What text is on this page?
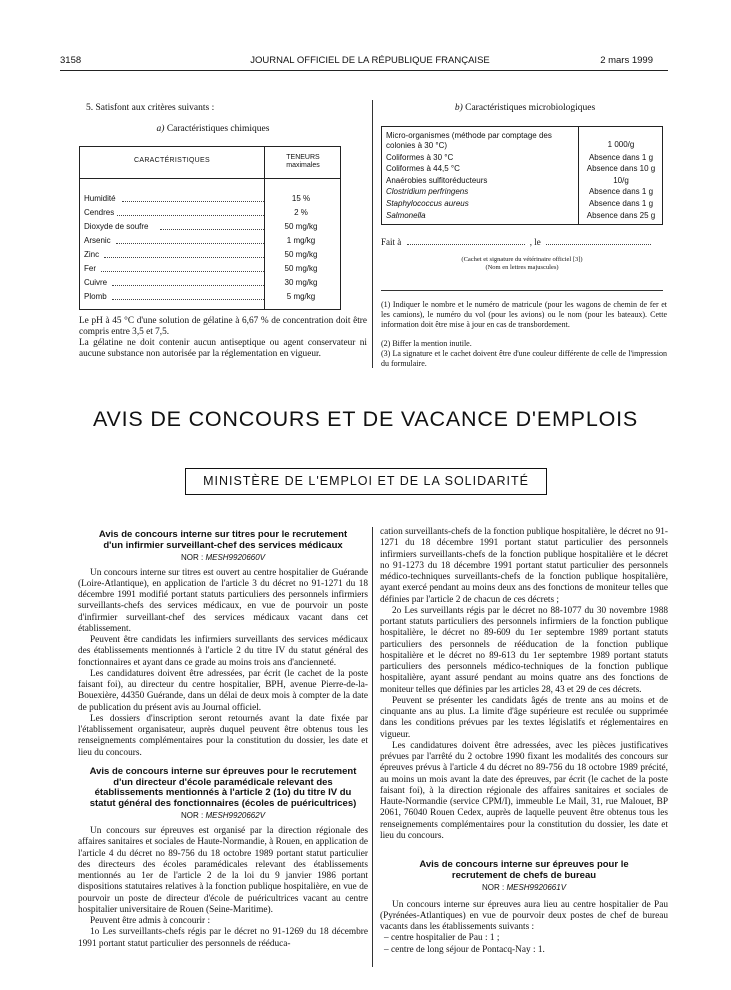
3158	JOURNAL OFFICIEL DE LA RÉPUBLIQUE FRANÇAISE	2 mars 1999
5. Satisfont aux critères suivants :
a) Caractéristiques chimiques
CARACTÉRISTIQUES	TENEURS
maximales
Humidité	15 %
Cendres	2 %
Dioxyde de soufre	50 mg/kg
Arsenic	1 mg/kg
Zinc	50 mg/kg
Fer	50 mg/kg
Cuivre	30 mg/kg
Plomb	5 mg/kg

Le pH à 45 °C d'une solution de gélatine à 6,67 % de concentration doit être compris entre 3,5 et 7,5.

La gélatine ne doit contenir aucun antiseptique ou agent conservateur ni aucune substance non autorisée par la réglementation en vigueur.

b) Caractéristiques microbiologiques
Micro-organismes (méthode par comptage des colonies à 30 °C)	1 000/g
Coliformes à 30 °C	Absence dans 1 g
Coliformes à 44,5 °C	Absence dans 10 g
Anaérobies sulfitoréducteurs	10/g
Clostridium perfringens	Absence dans 1 g
Staphylococcus aureus	Absence dans 1 g
Salmonella	Absence dans 25 g
Fait à	, le
(Cachet et signature du vétérinaire officiel [3])
(Nom en lettres majuscules)

(1) Indiquer le nombre et le numéro de matricule (pour les wagons de chemin de fer et les camions), le numéro du vol (pour les avions) ou le nom (pour les bateaux). Cette information doit être mise à jour en cas de transbordement.

(2) Biffer la mention inutile.

(3) La signature et le cachet doivent être d'une couleur différente de celle de l'impression du formulaire.

AVIS DE CONCOURS ET DE VACANCE D'EMPLOIS
MINISTÈRE DE L'EMPLOI ET DE LA SOLIDARITÉ
Avis de concours interne sur titres pour le recrutement d'un infirmier surveillant-chef des services médicaux
NOR : MESH9920660V

Un concours interne sur titres est ouvert au centre hospitalier de Guérande (Loire-Atlantique), en application de l'article 3 du décret no 91-1271 du 18 décembre 1991 modifié portant statuts particuliers des personnels infirmiers surveillants-chefs des services médicaux, en vue de pourvoir un poste d'infirmier surveillant-chef des services médicaux vacant dans cet établissement.

Peuvent être candidats les infirmiers surveillants des services médicaux des établissements mentionnés à l'article 2 du titre IV du statut général des fonctionnaires et ayant dans ce grade au moins trois ans d'ancienneté.

Les candidatures doivent être adressées, par écrit (le cachet de la poste faisant foi), au directeur du centre hospitalier, BPH, avenue Pierre-de-la-Bouexière, 44350 Guérande, dans un délai de deux mois à compter de la date de publication du présent avis au Journal officiel.

Les dossiers d'inscription seront retournés avant la date fixée par l'établissement organisateur, auprès duquel peuvent être obtenus tous les renseignements complémentaires pour la constitution du dossier, les date et lieu du concours.

Avis de concours interne sur épreuves pour le recrutement d'un directeur d'école paramédicale relevant des établissements mentionnés à l'article 2 (1o) du titre IV du statut général des fonctionnaires (écoles de puéricultrices)
NOR : MESH9920662V

Un concours sur épreuves est organisé par la direction régionale des affaires sanitaires et sociales de Haute-Normandie, à Rouen, en application de l'article 4 du décret no 89-756 du 18 octobre 1989 portant statut particulier des directeurs des écoles paramédicales relevant des établissements mentionnés au 1er de l'article 2 de la loi du 9 janvier 1986 portant dispositions statutaires relatives à la fonction publique hospitalière, en vue de pourvoir un poste de directeur d'école de puéricultrices vacant au centre hospitalier universitaire de Rouen (Seine-Maritime).

Peuvent être admis à concourir :

1o Les surveillants-chefs régis par le décret no 91-1269 du 18 décembre 1991 portant statut particulier des personnels de rééduca-

cation surveillants-chefs de la fonction publique hospitalière, le décret no 91-1271 du 18 décembre 1991 portant statut particulier des personnels infirmiers surveillants-chefs de la fonction publique hospitalière et le décret no 91-1273 du 18 décembre 1991 portant statut particulier des personnels médico-techniques surveillants-chefs de la fonction publique hospitalière, ayant exercé pendant au moins deux ans des fonctions de moniteur telles que définies par l'article 2 de chacun de ces décrets ;

2o Les surveillants régis par le décret no 88-1077 du 30 novembre 1988 portant statuts particuliers des personnels infirmiers de la fonction publique hospitalière, le décret no 89-609 du 1er septembre 1989 portant statuts particuliers des personnels de rééducation de la fonction publique hospitalière et le décret no 89-613 du 1er septembre 1989 portant statuts particuliers des personnels médico-techniques de la fonction publique hospitalière, ayant assuré pendant au moins quatre ans des fonctions de moniteur telles que définies par les articles 28, 43 et 29 de ces décrets.

Peuvent se présenter les candidats âgés de trente ans au moins et de cinquante ans au plus. La limite d'âge supérieure est reculée ou supprimée dans les conditions prévues par les textes législatifs et réglementaires en vigueur.

Les candidatures doivent être adressées, avec les pièces justificatives prévues par l'arrêté du 2 octobre 1990 fixant les modalités des concours sur épreuves prévus à l'article 4 du décret no 89-756 du 18 octobre 1989 précité, au moins un mois avant la date des épreuves, par écrit (le cachet de la poste faisant foi), à la direction régionale des affaires sanitaires et sociales de Haute-Normandie (service CPM/I), immeuble Le Mail, 31, rue Malouet, BP 2061, 76040 Rouen Cedex, auprès de laquelle peuvent être obtenus tous les renseignements complémentaires pour la constitution du dossier, les date et lieu du concours.

Avis de concours interne sur épreuves pour le recrutement de chefs de bureau
NOR : MESH9920661V

Un concours interne sur épreuves aura lieu au centre hospitalier de Pau (Pyrénées-Atlantiques) en vue de pourvoir deux postes de chef de bureau vacants dans les établissements suivants :

– centre hospitalier de Pau : 1 ;

– centre de long séjour de Pontacq-Nay : 1.
